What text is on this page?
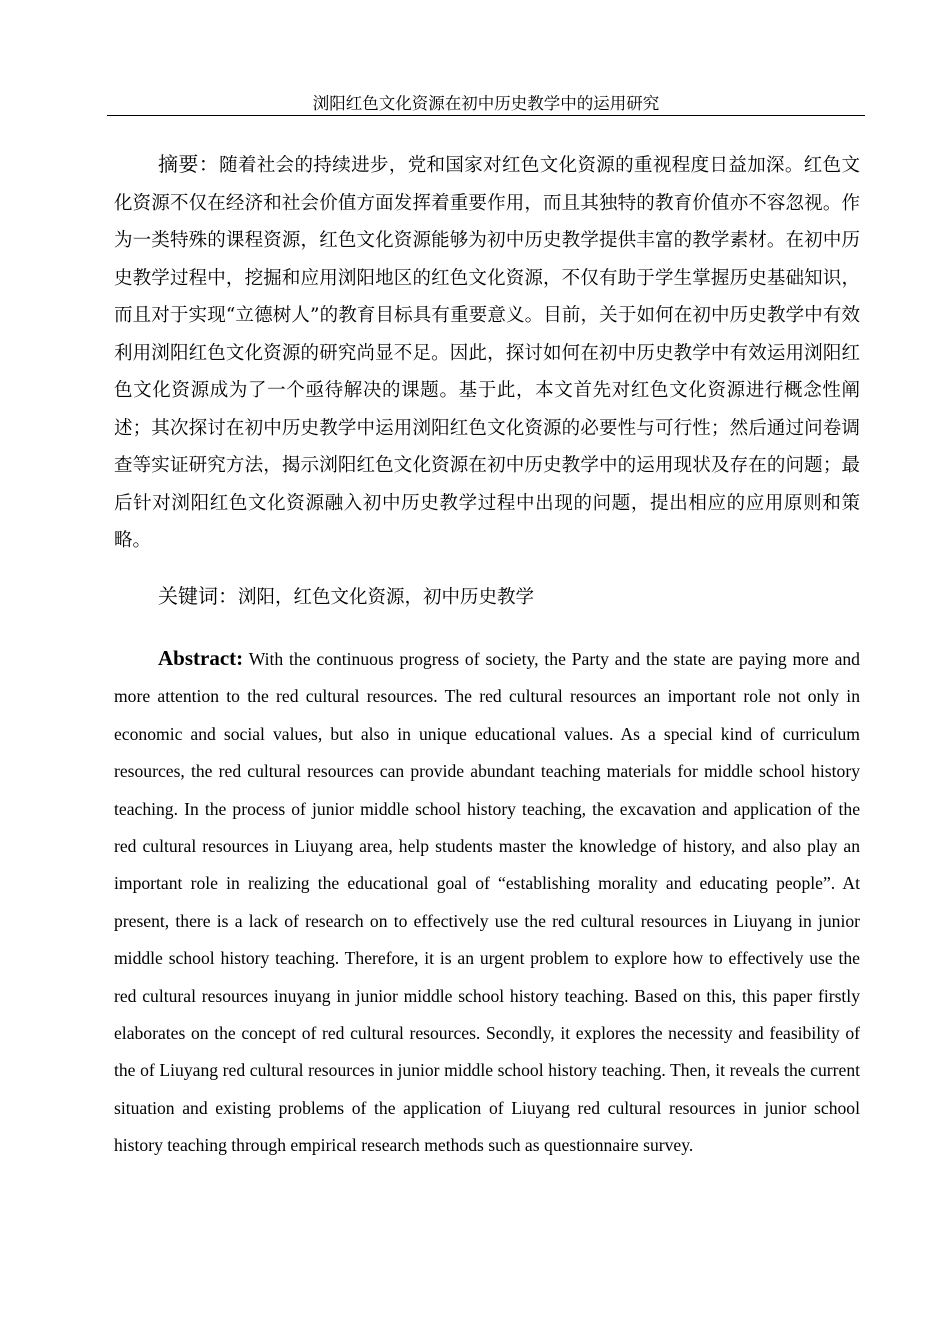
浏阳红色文化资源在初中历史教学中的运用研究

摘要：随着社会的持续进步，党和国家对红色文化资源的重视程度日益加深。红色文化资源不仅在经济和社会价值方面发挥着重要作用，而且其独特的教育价值亦不容忽视。作为一类特殊的课程资源，红色文化资源能够为初中历史教学提供丰富的教学素材。在初中历史教学过程中，挖掘和应用浏阳地区的红色文化资源，不仅有助于学生掌握历史基础知识，而且对于实现“立德树人”的教育目标具有重要意义。目前，关于如何在初中历史教学中有效利用浏阳红色文化资源的研究尚显不足。因此，探讨如何在初中历史教学中有效运用浏阳红色文化资源成为了一个亟待解决的课题。基于此，本文首先对红色文化资源进行概念性阐述；其次探讨在初中历史教学中运用浏阳红色文化资源的必要性与可行性；然后通过问卷调查等实证研究方法，揭示浏阳红色文化资源在初中历史教学中的运用现状及存在的问题；最后针对浏阳红色文化资源融入初中历史教学过程中出现的问题，提出相应的应用原则和策略。

关键词：浏阳，红色文化资源，初中历史教学

Abstract: With the continuous progress of society, the Party and the state are paying more and more attention to the red cultural resources. The red cultural resources an important role not only in economic and social values, but also in unique educational values. As a special kind of curriculum resources, the red cultural resources can provide abundant teaching materials for middle school history teaching. In the process of junior middle school history teaching, the excavation and application of the red cultural resources in Liuyang area, help students master the knowledge of history, and also play an important role in realizing the educational goal of “establishing morality and educating people”. At present, there is a lack of research on to effectively use the red cultural resources in Liuyang in junior middle school history teaching. Therefore, it is an urgent problem to explore how to effectively use the red cultural resources inuyang in junior middle school history teaching. Based on this, this paper firstly elaborates on the concept of red cultural resources. Secondly, it explores the necessity and feasibility of the of Liuyang red cultural resources in junior middle school history teaching. Then, it reveals the current situation and existing problems of the application of Liuyang red cultural resources in junior school history teaching through empirical research methods such as questionnaire survey.
